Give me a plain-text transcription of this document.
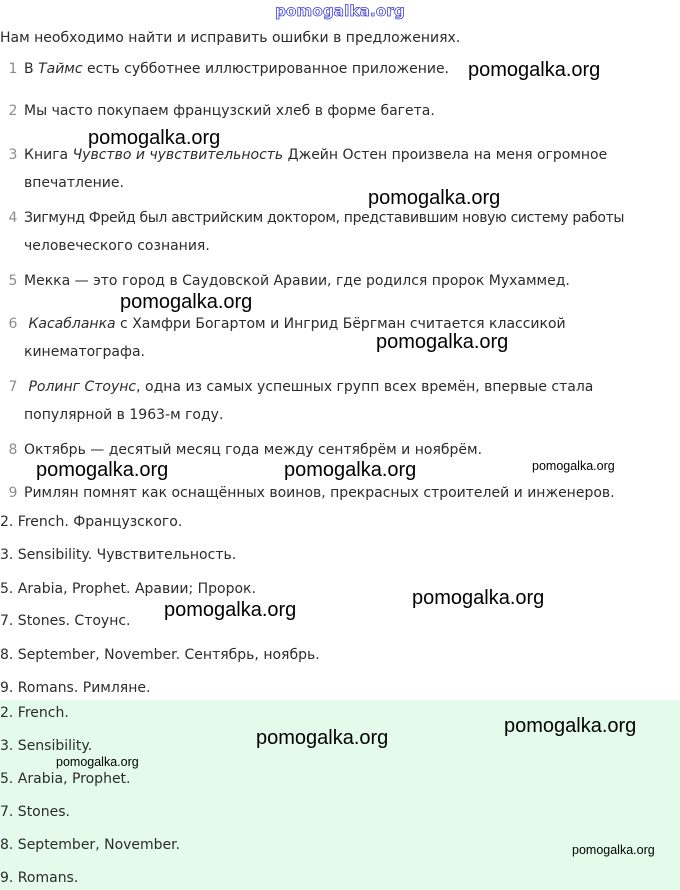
pomogalka.org
Нам необходимо найти и исправить ошибки в предложениях.
1 В Таймс есть субботнее иллюстрированное приложение.
2 Мы часто покупаем французский хлеб в форме багета.
3 Книга Чувство и чувствительность Джейн Остен произвела на меня огромное
впечатление.
4 Зигмунд Фрейд был австрийским доктором, представившим новую систему работы
человеческого сознания.
5 Мекка — это город в Саудовской Аравии, где родился пророк Мухаммед.
6 Касабланка с Хамфри Богартом и Ингрид Бёргман считается классикой
кинематографа.
7 Ролинг Стоунс, одна из самых успешных групп всех времён, впервые стала
популярной в 1963-м году.
8 Октябрь — десятый месяц года между сентябрём и ноябрём.
9 Римлян помнят как оснащённых воинов, прекрасных строителей и инженеров.
2. French. Французского.
3. Sensibility. Чувствительность.
5. Arabia, Prophet. Аравии; Пророк.
7. Stones. Стоунс.
8. September, November. Сентябрь, ноябрь.
9. Romans. Римляне.
2. French.
3. Sensibility.
5. Arabia, Prophet.
7. Stones.
8. September, November.
9. Romans.
pomogalka.org
pomogalka.org
pomogalka.org
pomogalka.org
pomogalka.org
pomogalka.org	pomogalka.org	pomogalka.org
pomogalka.org
pomogalka.org
pomogalka.org
pomogalka.org
pomogalka.org
pomogalka.org
